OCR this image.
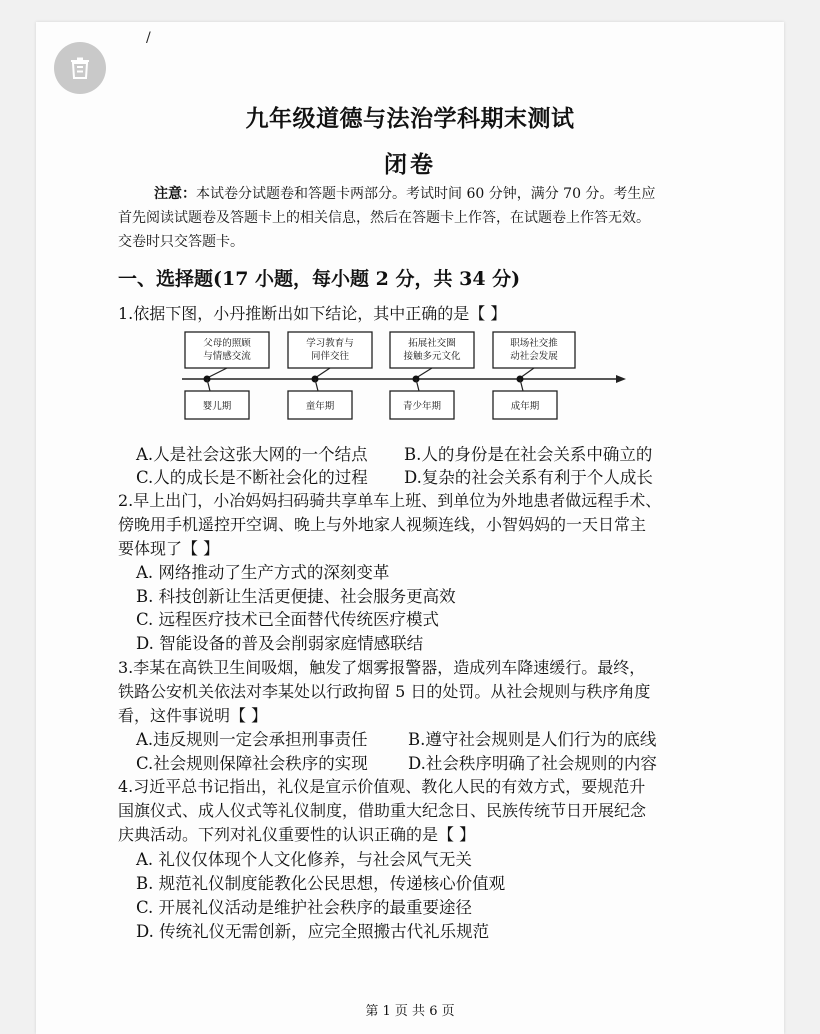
/
九年级道德与法治学科期末测试
闭卷
注意：本试卷分试题卷和答题卡两部分。考试时间 60 分钟，满分 70 分。考生应
首先阅读试题卷及答题卡上的相关信息，然后在答题卡上作答，在试题卷上作答无效。
交卷时只交答题卡。
一、选择题(17 小题，每小题 2 分，共 34 分)
1.依据下图，小丹推断出如下结论，其中正确的是【 】
父母的照顾
与情感交流
学习教育与
同伴交往
拓展社交圈
接触多元文化
职场社交推
动社会发展
婴儿期	童年期	青少年期	成年期
A.人是社会这张大网的一个结点 B.人的身份是在社会关系中确立的
C.人的成长是不断社会化的过程 D.复杂的社会关系有利于个人成长
2.早上出门，小冶妈妈扫码骑共享单车上班、到单位为外地患者做远程手术、
傍晚用手机遥控开空调、晚上与外地家人视频连线，小智妈妈的一天日常主
要体现了【 】
A. 网络推动了生产方式的深刻变革
B. 科技创新让生活更便捷、社会服务更高效
C. 远程医疗技术已全面替代传统医疗模式
D. 智能设备的普及会削弱家庭情感联结
3.李某在高铁卫生间吸烟，触发了烟雾报警器，造成列车降速缓行。最终，
铁路公安机关依法对李某处以行政拘留 5 日的处罚。从社会规则与秩序角度
看，这件事说明【 】
A.违反规则一定会承担刑事责任 B.遵守社会规则是人们行为的底线
C.社会规则保障社会秩序的实现 D.社会秩序明确了社会规则的内容
4.习近平总书记指出，礼仪是宣示价值观、教化人民的有效方式，要规范升
国旗仪式、成人仪式等礼仪制度，借助重大纪念日、民族传统节日开展纪念
庆典活动。下列对礼仪重要性的认识正确的是【 】
A. 礼仪仅体现个人文化修养，与社会风气无关
B. 规范礼仪制度能教化公民思想，传递核心价值观
C. 开展礼仪活动是维护社会秩序的最重要途径
D. 传统礼仪无需创新，应完全照搬古代礼乐规范
第 1 页 共 6 页
